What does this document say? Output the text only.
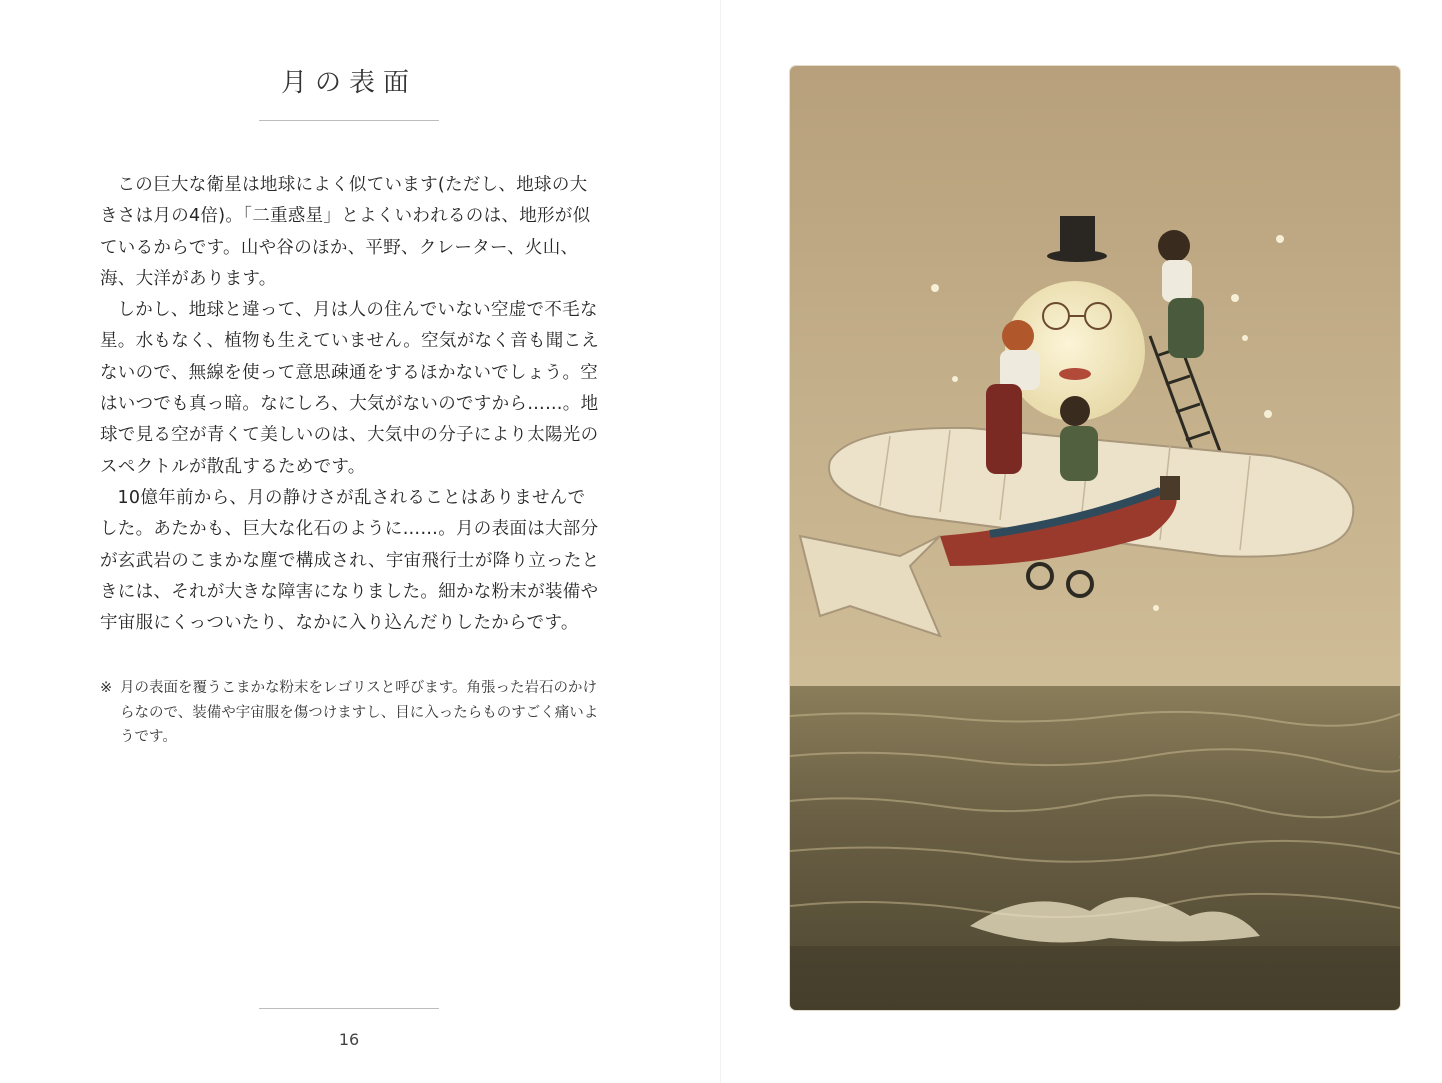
月の表面

この巨大な衛星は地球によく似ています(ただし、地球の大きさは月の4倍)。「二重惑星」とよくいわれるのは、地形が似ているからです。山や谷のほか、平野、クレーター、火山、海、大洋があります。

しかし、地球と違って、月は人の住んでいない空虚で不毛な星。水もなく、植物も生えていません。空気がなく音も聞こえないので、無線を使って意思疎通をするほかないでしょう。空はいつでも真っ暗。なにしろ、大気がないのですから……。地球で見る空が青くて美しいのは、大気中の分子により太陽光のスペクトルが散乱するためです。

10億年前から、月の静けさが乱されることはありませんでした。あたかも、巨大な化石のように……。月の表面は大部分が玄武岩のこまかな塵で構成され、宇宙飛行士が降り立ったときには、それが大きな障害になりました。細かな粉末が装備や宇宙服にくっついたり、なかに入り込んだりしたからです。

※ 月の表面を覆うこまかな粉末をレゴリスと呼びます。角張った岩石のかけらなので、装備や宇宙服を傷つけますし、目に入ったらものすごく痛いようです。
16
